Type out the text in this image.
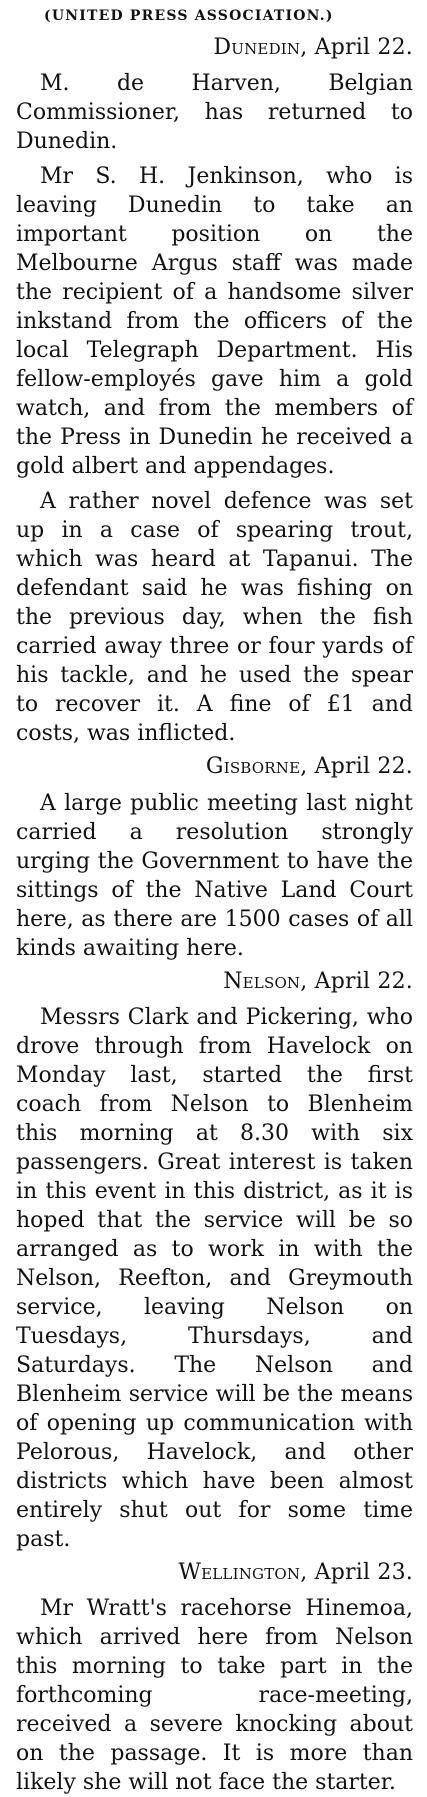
(UNITED PRESS ASSOCIATION.)
Dunedin, April 22.

M. de Harven, Belgian Commissioner, has returned to Dunedin.

Mr S. H. Jenkinson, who is leaving Dunedin to take an important position on the Melbourne Argus staff was made the recipient of a handsome silver inkstand from the officers of the local Telegraph Department. His fellow-employés gave him a gold watch, and from the members of the Press in Dunedin he received a gold albert and appendages.

A rather novel defence was set up in a case of spearing trout, which was heard at Tapanui. The defendant said he was fishing on the previous day, when the fish carried away three or four yards of his tackle, and he used the spear to recover it. A fine of £1 and costs, was inflicted.

Gisborne, April 22.

A large public meeting last night carried a resolution strongly urging the Government to have the sittings of the Native Land Court here, as there are 1500 cases of all kinds awaiting here.

Nelson, April 22.

Messrs Clark and Pickering, who drove through from Havelock on Monday last, started the first coach from Nelson to Blenheim this morning at 8.30 with six passengers. Great interest is taken in this event in this district, as it is hoped that the service will be so arranged as to work in with the Nelson, Reefton, and Greymouth service, leaving Nelson on Tuesdays, Thursdays, and Saturdays. The Nelson and Blenheim service will be the means of opening up communication with Pelorous, Havelock, and other districts which have been almost entirely shut out for some time past.

Wellington, April 23.

Mr Wratt's racehorse Hinemoa, which arrived here from Nelson this morning to take part in the forthcoming race-meeting, received a severe knocking about on the passage. It is more than likely she will not face the starter.
